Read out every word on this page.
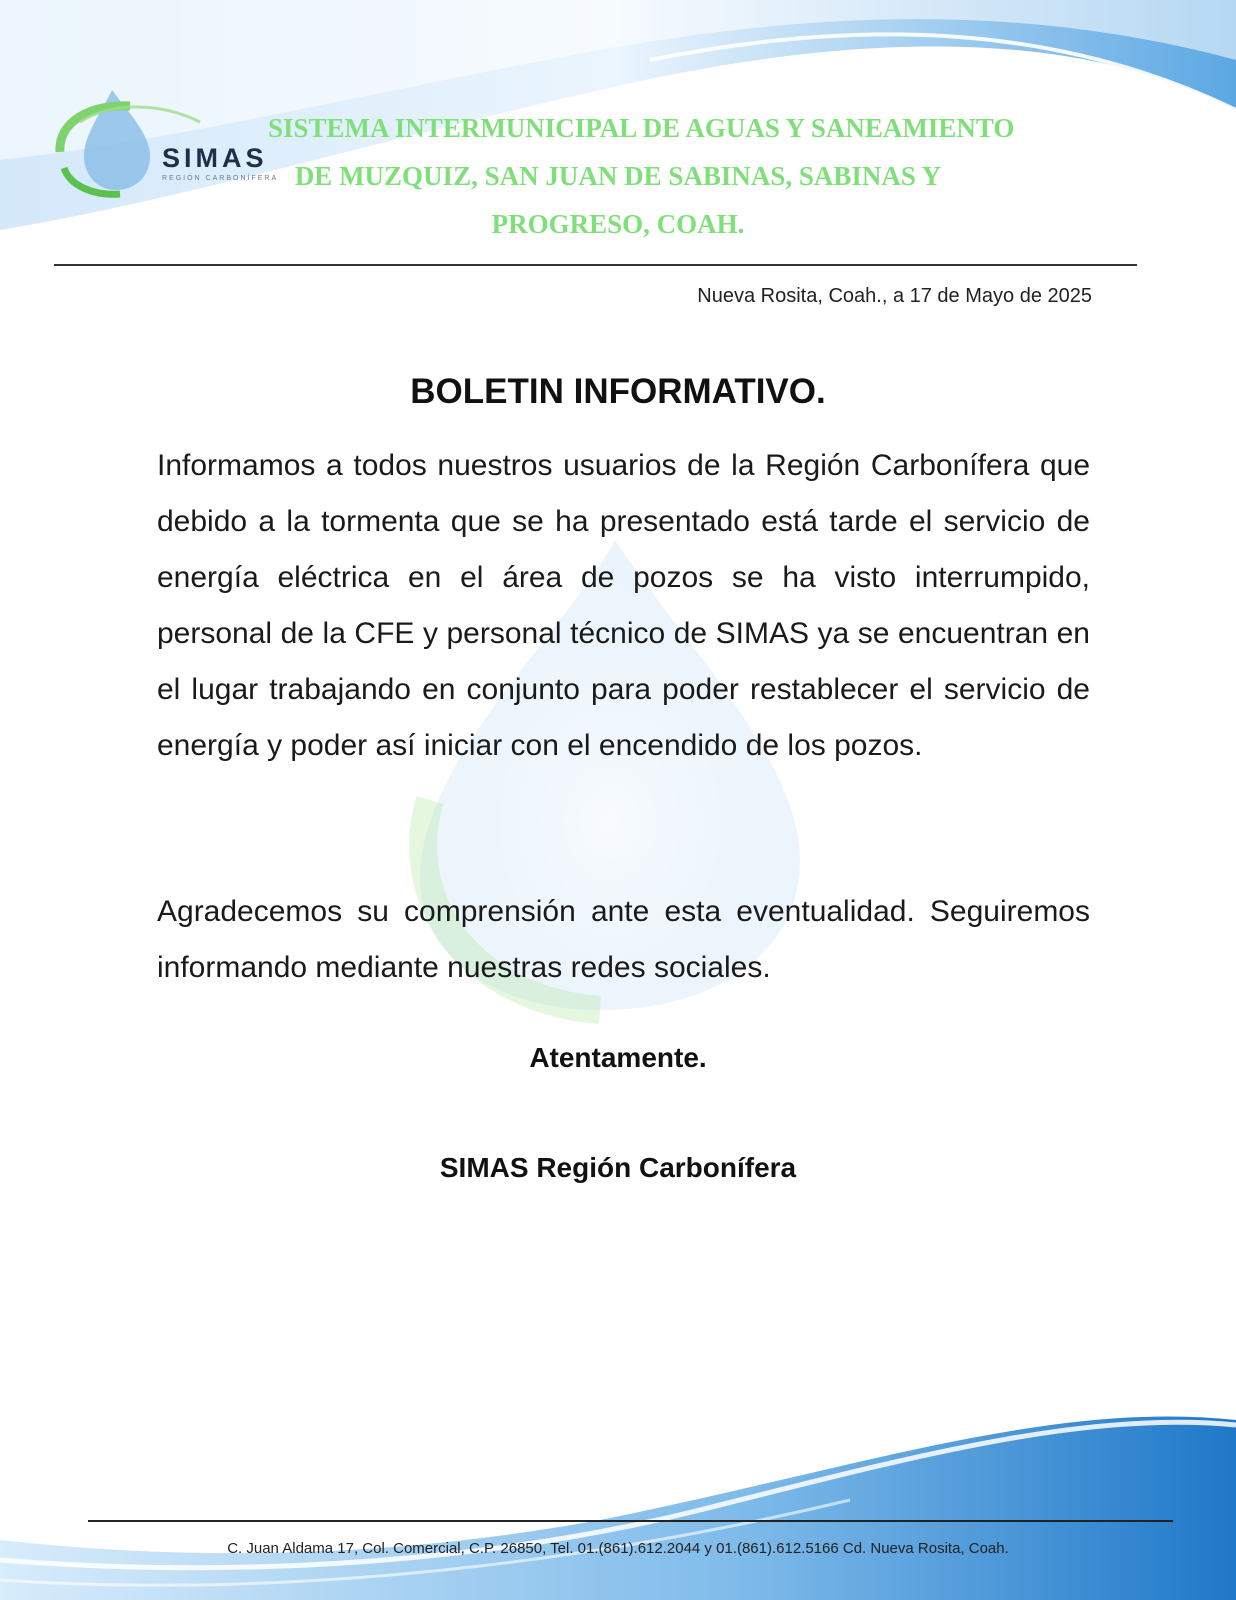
SIMAS
REGIÓN CARBONÍFERA
SISTEMA INTERMUNICIPAL DE AGUAS Y SANEAMIENTO
DE MUZQUIZ, SAN JUAN DE SABINAS, SABINAS Y
PROGRESO, COAH.
Nueva Rosita, Coah., a 17 de Mayo de 2025
BOLETIN INFORMATIVO.
Informamos a todos nuestros usuarios de la Región Carbonífera que debido a la tormenta que se ha presentado está tarde el servicio de energía eléctrica en el área de pozos se ha visto interrumpido, personal de la CFE y personal técnico de SIMAS ya se encuentran en el lugar trabajando en conjunto para poder restablecer el servicio de energía y poder así iniciar con el encendido de los pozos.
Agradecemos su comprensión ante esta eventualidad. Seguiremos informando mediante nuestras redes sociales.
Atentamente.
SIMAS Región Carbonífera
C. Juan Aldama 17, Col. Comercial, C.P. 26850, Tel. 01.(861).612.2044 y 01.(861).612.5166 Cd. Nueva Rosita, Coah.
